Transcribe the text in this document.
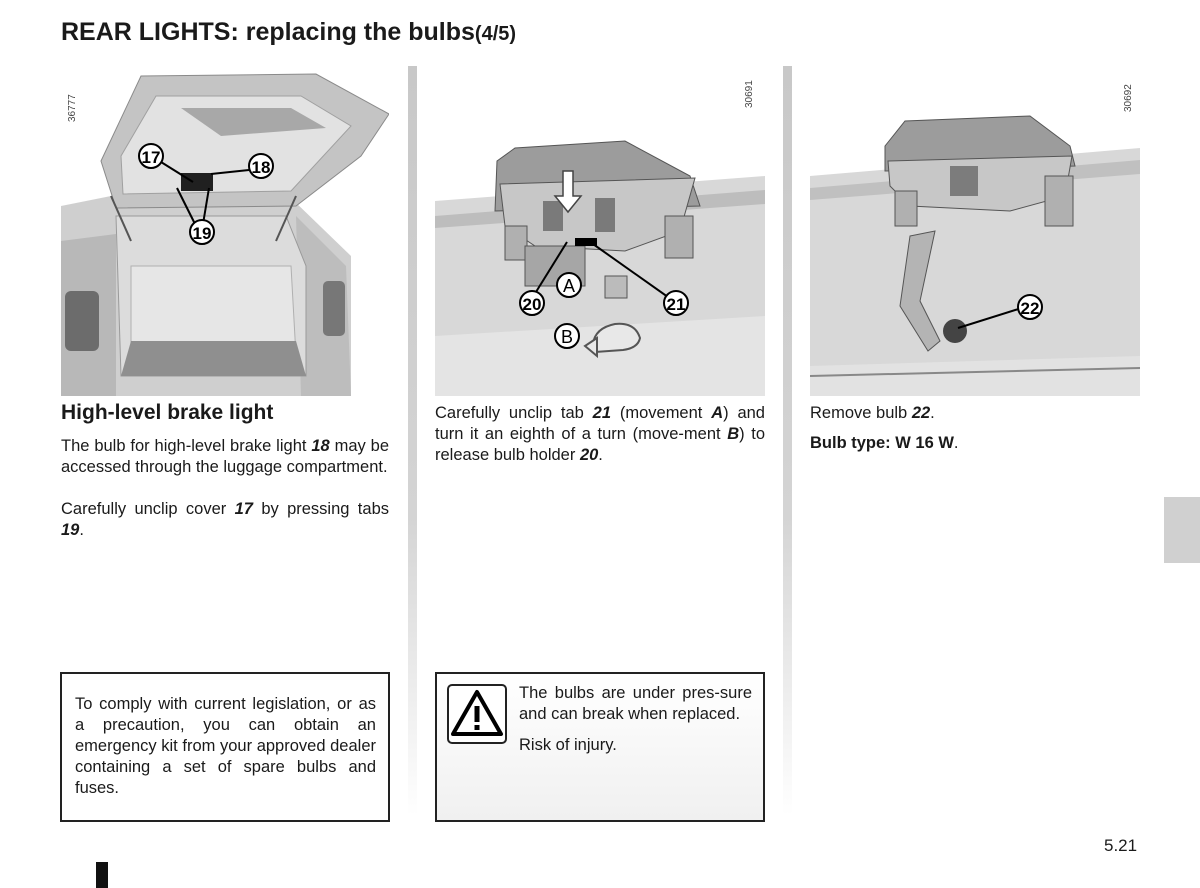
REAR LIGHTS: replacing the bulbs(4/5)
17
18
19
36777
A
20	21
B
30691
22
30692
High-level brake light
The bulb for high-level brake light 18 may be accessed through the luggage compartment.
Carefully unclip cover 17 by pressing tabs 19.
To comply with current legislation, or as a precaution, you can obtain an emergency kit from your approved dealer containing a set of spare bulbs and fuses.
Carefully unclip tab 21 (movement A) and turn it an eighth of a turn (move-ment B) to release bulb holder 20.
The bulbs are under pres-sure and can break when replaced.
Risk of injury.
Remove bulb 22.
Bulb type: W 16 W.
5.21
